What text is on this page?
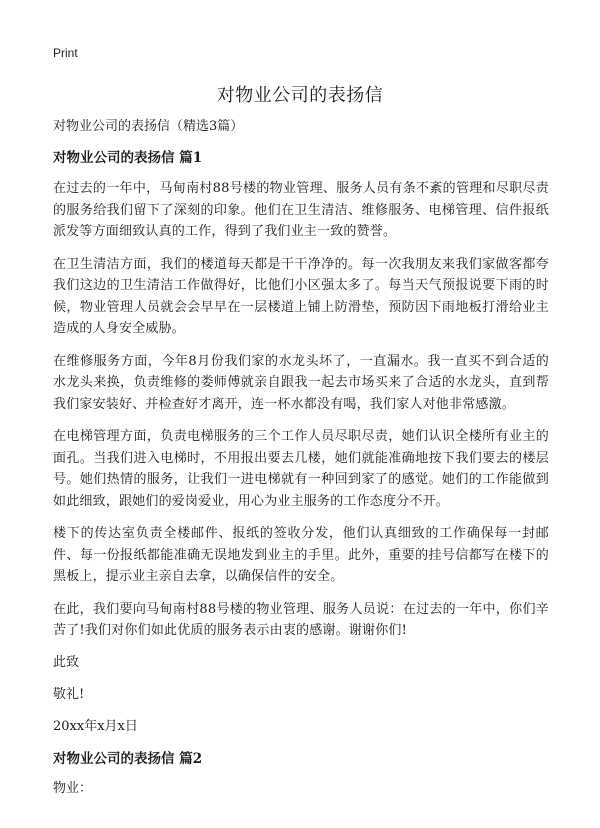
Print
对物业公司的表扬信

对物业公司的表扬信（精选3篇）

对物业公司的表扬信 篇1

在过去的一年中，马甸南村88号楼的物业管理、服务人员有条不紊的管理和尽职尽责的服务给我们留下了深刻的印象。他们在卫生清洁、维修服务、电梯管理、信件报纸派发等方面细致认真的工作，得到了我们业主一致的赞誉。

在卫生清洁方面，我们的楼道每天都是干干净净的。每一次我朋友来我们家做客都夸我们这边的卫生清洁工作做得好，比他们小区强太多了。每当天气预报说要下雨的时候，物业管理人员就会会早早在一层楼道上铺上防滑垫，预防因下雨地板打滑给业主造成的人身安全威胁。

在维修服务方面，今年8月份我们家的水龙头坏了，一直漏水。我一直买不到合适的水龙头来换，负责维修的娄师傅就亲自跟我一起去市场买来了合适的水龙头，直到帮我们家安装好、并检查好才离开，连一杯水都没有喝，我们家人对他非常感激。

在电梯管理方面，负责电梯服务的三个工作人员尽职尽责，她们认识全楼所有业主的面孔。当我们进入电梯时，不用报出要去几楼，她们就能准确地按下我们要去的楼层号。她们热情的服务，让我们一进电梯就有一种回到家了的感觉。她们的工作能做到如此细致，跟她们的爱岗爱业，用心为业主服务的工作态度分不开。

楼下的传达室负责全楼邮件、报纸的签收分发，他们认真细致的工作确保每一封邮件、每一份报纸都能准确无误地发到业主的手里。此外，重要的挂号信都写在楼下的黑板上，提示业主亲自去拿，以确保信件的安全。

在此，我们要向马甸南村88号楼的物业管理、服务人员说：在过去的一年中，你们辛苦了!我们对你们如此优质的服务表示由衷的感谢。谢谢你们!

此致

敬礼!

20xx年x月x日

对物业公司的表扬信 篇2

物业：
